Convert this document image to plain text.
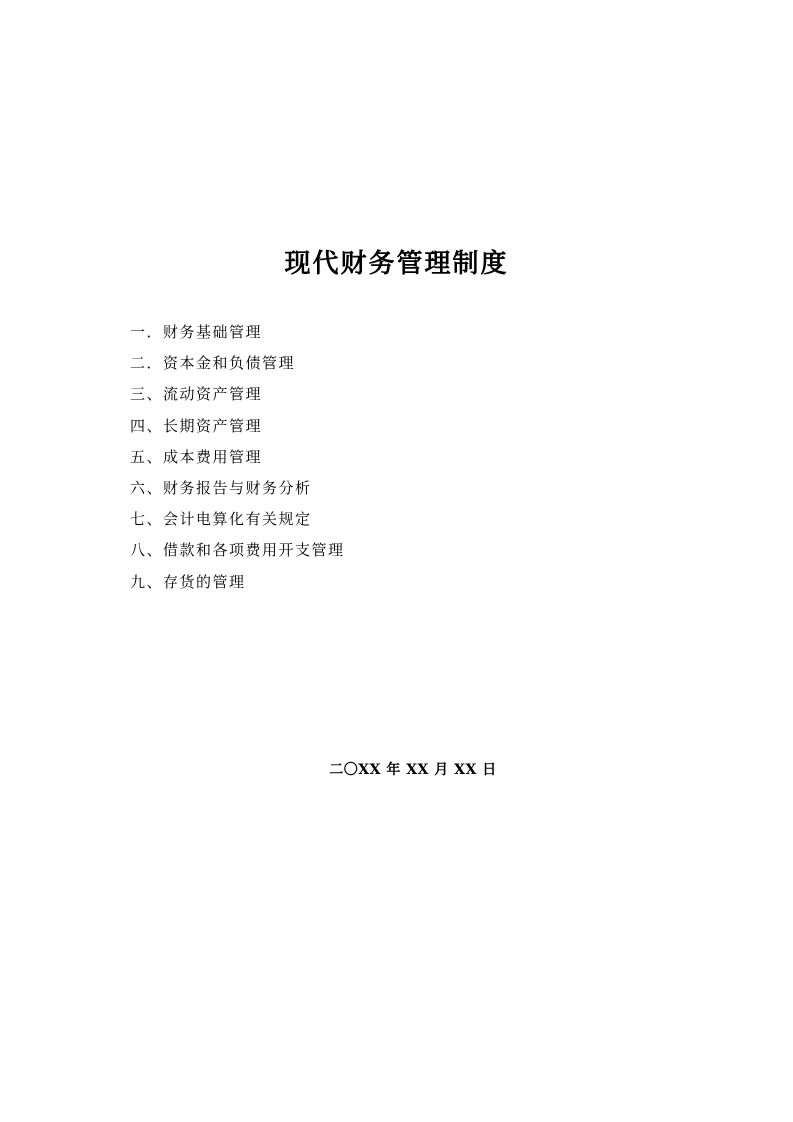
现代财务管理制度
一．财务基础管理
二．资本金和负债管理
三、流动资产管理
四、长期资产管理
五、成本费用管理
六、财务报告与财务分析
七、会计电算化有关规定
八、借款和各项费用开支管理
九、存货的管理
二〇XX 年 XX 月 XX 日
